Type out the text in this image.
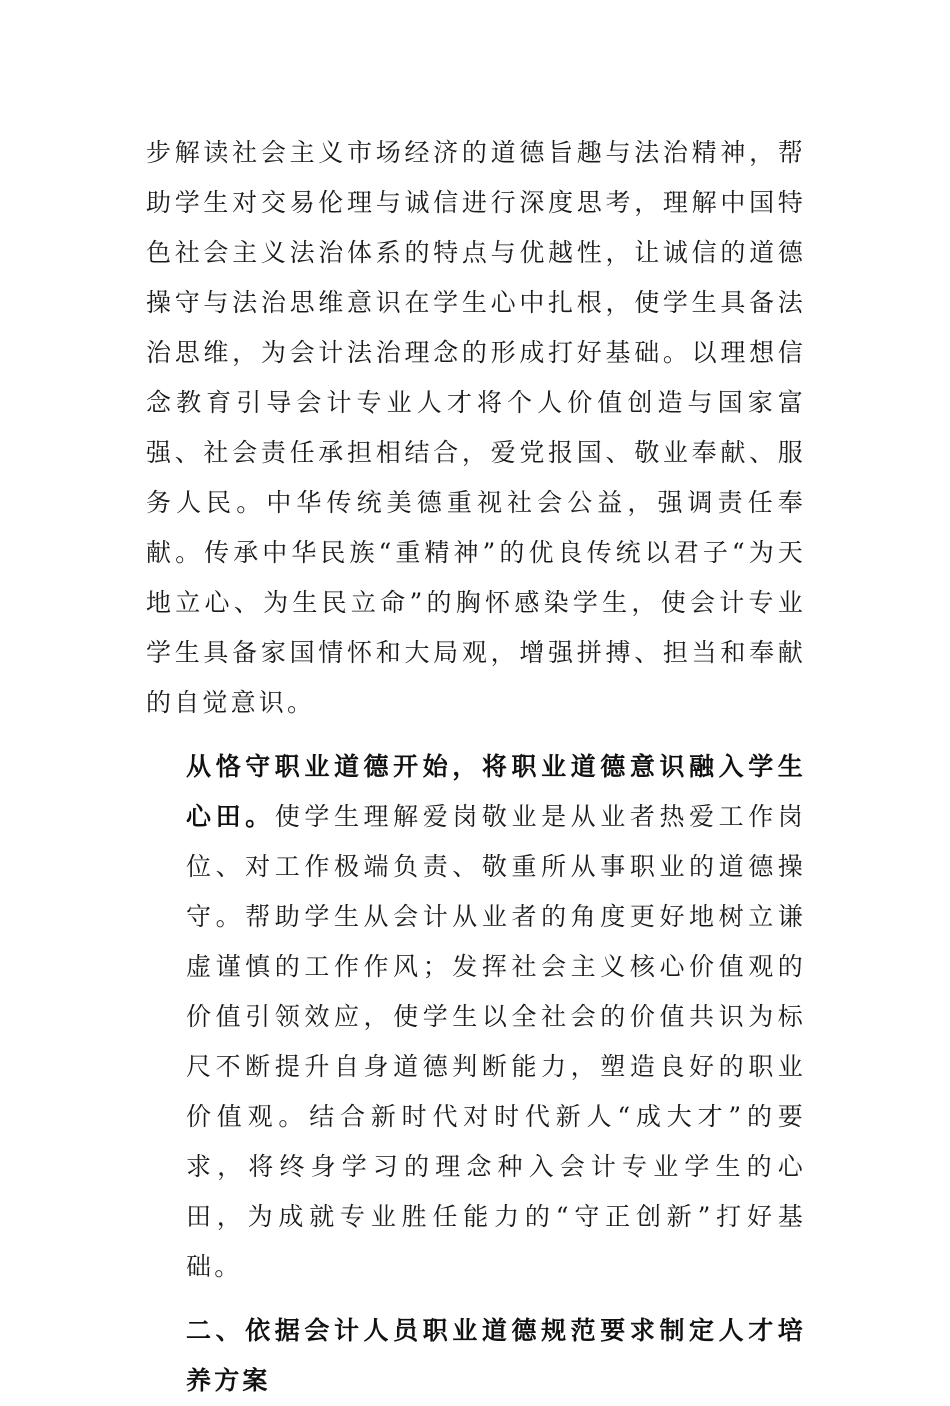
步解读社会主义市场经济的道德旨趣与法治精神，帮助学生对交易伦理与诚信进行深度思考，理解中国特色社会主义法治体系的特点与优越性，让诚信的道德操守与法治思维意识在学生心中扎根，使学生具备法治思维，为会计法治理念的形成打好基础。以理想信念教育引导会计专业人才将个人价值创造与国家富强、社会责任承担相结合，爱党报国、敬业奉献、服务人民。中华传统美德重视社会公益，强调责任奉献。传承中华民族“重精神”的优良传统以君子“为天地立心、为生民立命”的胸怀感染学生，使会计专业学生具备家国情怀和大局观，增强拼搏、担当和奉献的自觉意识。

从恪守职业道德开始，将职业道德意识融入学生心田。使学生理解爱岗敬业是从业者热爱工作岗位、对工作极端负责、敬重所从事职业的道德操守。帮助学生从会计从业者的角度更好地树立谦虚谨慎的工作作风；发挥社会主义核心价值观的价值引领效应，使学生以全社会的价值共识为标尺不断提升自身道德判断能力，塑造良好的职业价值观。结合新时代对时代新人“成大才”的要求，将终身学习的理念种入会计专业学生的心田，为成就专业胜任能力的“守正创新”打好基础。

二、依据会计人员职业道德规范要求制定人才培养方案
